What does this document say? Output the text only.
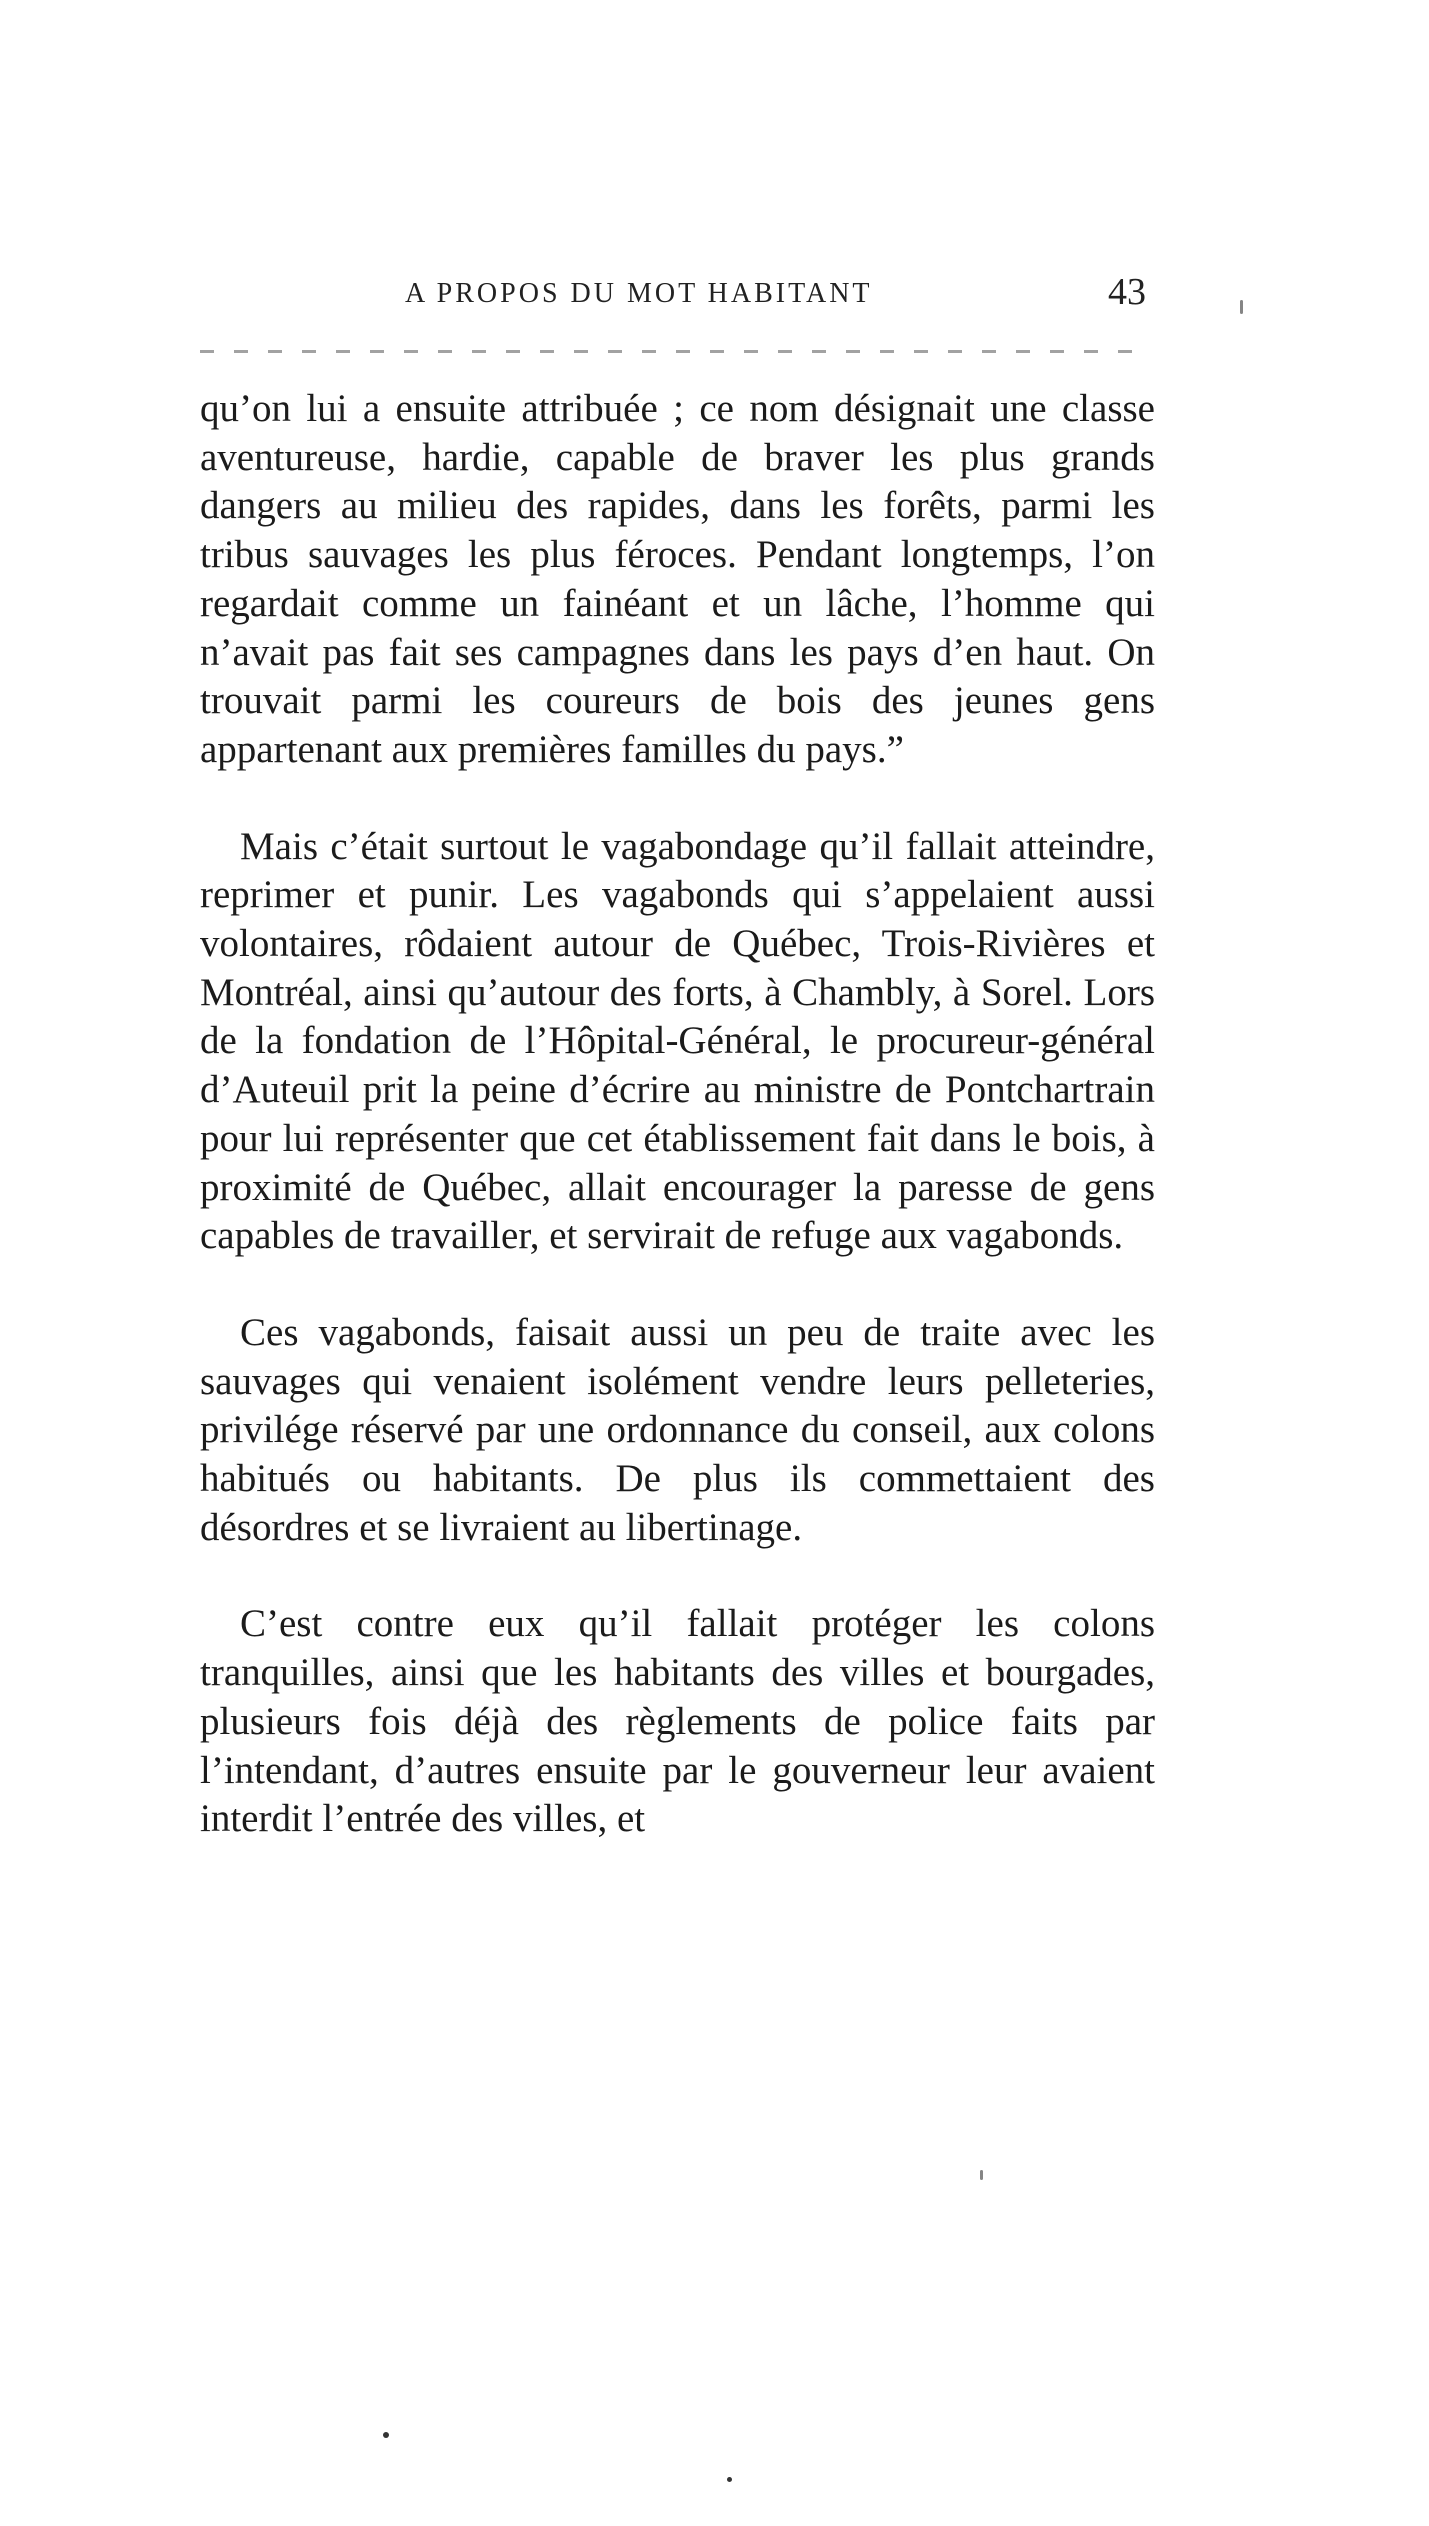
A PROPOS DU MOT HABITANT	43

qu’on lui a ensuite attribuée ; ce nom désignait une classe aventureuse, hardie, capable de braver les plus grands dangers au milieu des rapides, dans les forêts, parmi les tribus sauvages les plus féroces. Pendant longtemps, l’on regardait comme un fainéant et un lâche, l’homme qui n’avait pas fait ses campagnes dans les pays d’en haut. On trouvait parmi les coureurs de bois des jeunes gens appartenant aux premières familles du pays.”

Mais c’était surtout le vagabondage qu’il fallait atteindre, reprimer et punir. Les vagabonds qui s’appelaient aussi volontaires, rôdaient autour de Québec, Trois-Rivières et Montréal, ainsi qu’autour des forts, à Chambly, à Sorel. Lors de la fondation de l’Hôpital-Général, le procureur-général d’Auteuil prit la peine d’écrire au ministre de Pontchartrain pour lui représenter que cet établissement fait dans le bois, à proximité de Québec, allait encourager la paresse de gens capables de travailler, et servirait de refuge aux vagabonds.

Ces vagabonds, faisait aussi un peu de traite avec les sauvages qui venaient isolément vendre leurs pelleteries, privilége réservé par une ordonnance du conseil, aux colons habitués ou habitants. De plus ils commettaient des désordres et se livraient au libertinage.

C’est contre eux qu’il fallait protéger les colons tranquilles, ainsi que les habitants des villes et bourgades, plusieurs fois déjà des règlements de police faits par l’intendant, d’autres ensuite par le gouverneur leur avaient interdit l’entrée des villes, et
